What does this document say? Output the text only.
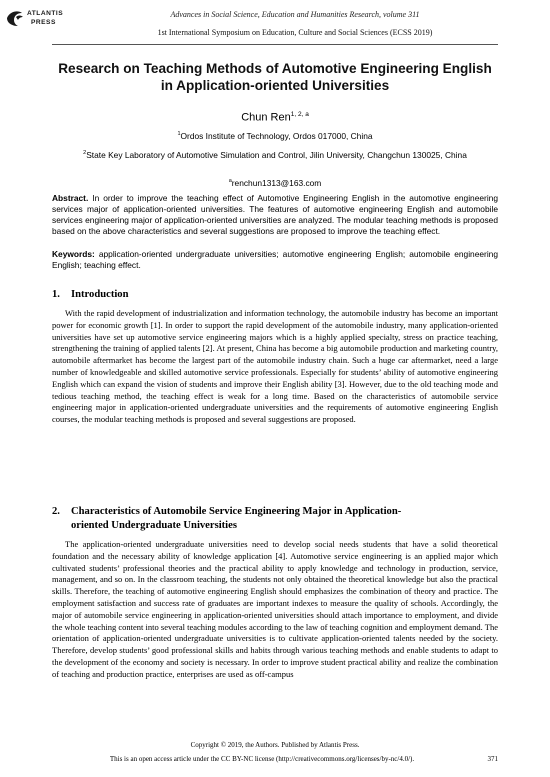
ATLANTIS
PRESS
Advances in Social Science, Education and Humanities Research, volume 311
1st International Symposium on Education, Culture and Social Sciences (ECSS 2019)
Research on Teaching Methods of Automotive Engineering English in Application-oriented Universities
Chun Ren$^{1, 2, a}$
$^1$Ordos Institute of Technology, Ordos 017000, China
$^2$State Key Laboratory of Automotive Simulation and Control, Jilin University, Changchun 130025, China
$^a$renchun1313@163.com
Abstract. In order to improve the teaching effect of Automotive Engineering English in the automotive engineering services major of application-oriented universities. The features of automotive engineering English and automobile services engineering major of application-oriented universities are analyzed. The modular teaching methods is proposed based on the above characteristics and several suggestions are proposed to improve the teaching effect.
Keywords: application-oriented undergraduate universities; automotive engineering English; automobile engineering English; teaching effect.
1. Introduction
With the rapid development of industrialization and information technology, the automobile industry has become an important power for economic growth [1]. In order to support the rapid development of the automobile industry, many application-oriented universities have set up automotive service engineering majors which is a highly applied specialty, stress on practice teaching, strengthening the training of applied talents [2]. At present, China has become a big automobile production and marketing country, automobile aftermarket has become the largest part of the automobile industry chain. Such a huge car aftermarket, need a large number of knowledgeable and skilled automotive service professionals. Especially for students’ ability of automotive engineering English which can expand the vision of students and improve their English ability [3]. However, due to the old teaching mode and tedious teaching method, the teaching effect is weak for a long time. Based on the characteristics of automobile service engineering major in application-oriented undergraduate universities and the requirements of automotive engineering English courses, the modular teaching methods is proposed and several suggestions are proposed.
2. Characteristics of Automobile Service Engineering Major in Application-
oriented Undergraduate Universities
The application-oriented undergraduate universities need to develop social needs students that have a solid theoretical foundation and the necessary ability of knowledge application [4]. Automotive service engineering is an applied major which cultivated students’ professional theories and the practical ability to apply knowledge and technology in production, service, management, and so on. In the classroom teaching, the students not only obtained the theoretical knowledge but also the practical skills. Therefore, the teaching of automotive engineering English should emphasizes the combination of theory and practice. The employment satisfaction and success rate of graduates are important indexes to measure the quality of schools. Accordingly, the major of automobile service engineering in application-oriented universities should attach importance to employment, and divide the whole teaching content into several teaching modules according to the law of teaching cognition and employment demand. The orientation of application-oriented undergraduate universities is to cultivate application-oriented talents needed by the society. Therefore, develop students’ good professional skills and habits through various teaching methods and enable students to adapt to the development of the economy and society is necessary. In order to improve student practical ability and realize the combination of teaching and production practice, enterprises are used as off-campus
Copyright © 2019, the Authors. Published by Atlantis Press.
This is an open access article under the CC BY-NC license (http://creativecommons.org/licenses/by-nc/4.0/).	371
